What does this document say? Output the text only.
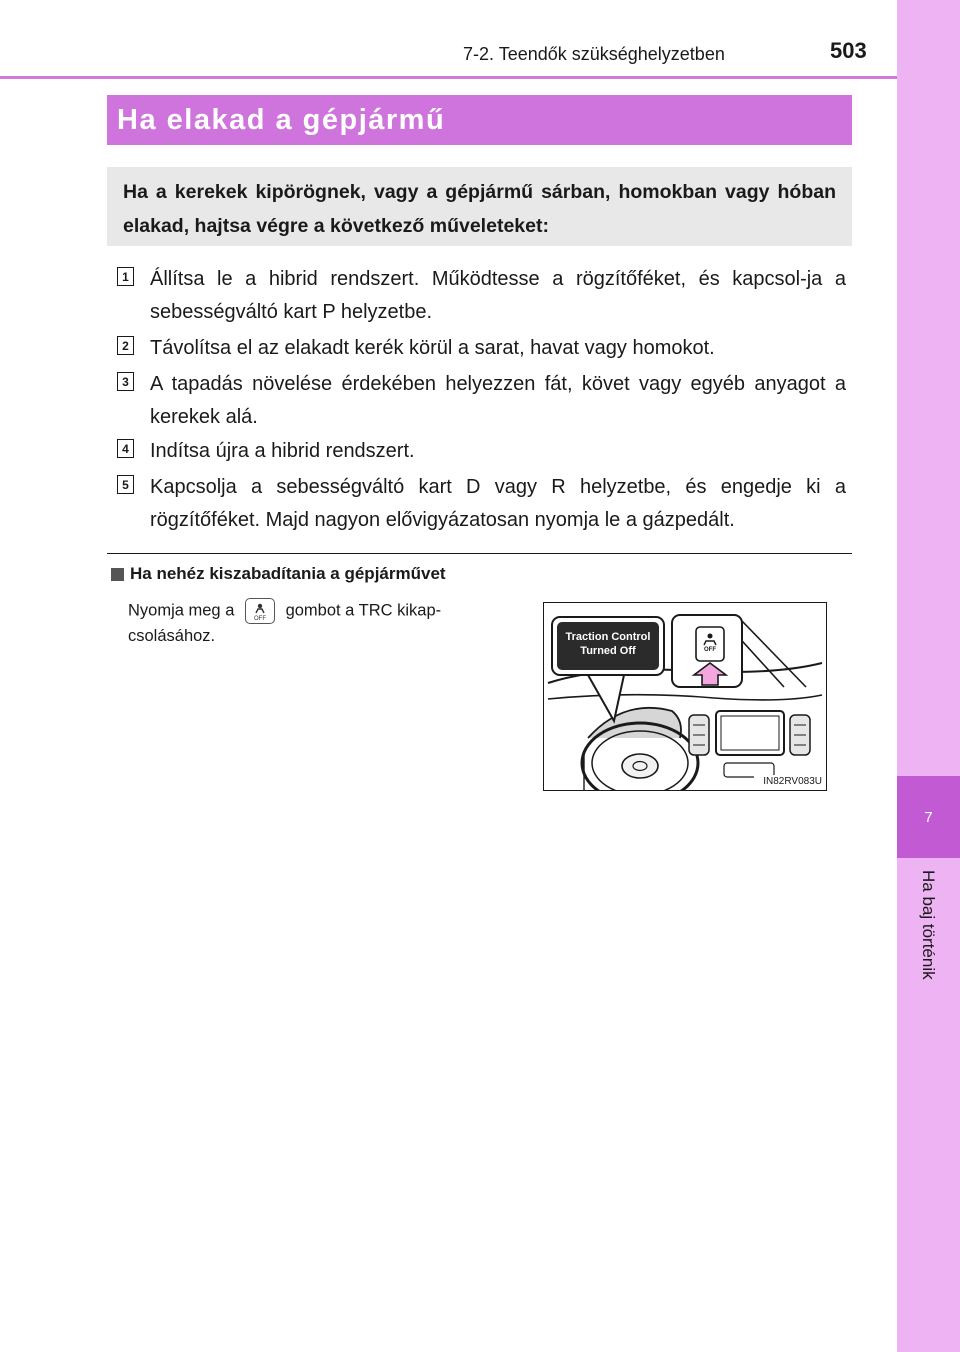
7
Ha baj történik
7-2. Teendők szükséghelyzetben	503
Ha elakad a gépjármű
Ha a kerekek kipörögnek, vagy a gépjármű sárban, homokban vagy hóban elakad, hajtsa végre a következő műveleteket:
1 Állítsa le a hibrid rendszert. Működtesse a rögzítőféket, és kapcsol-ja a sebességváltó kart P helyzetbe.
2 Távolítsa el az elakadt kerék körül a sarat, havat vagy homokot.
3 A tapadás növelése érdekében helyezzen fát, követ vagy egyéb anyagot a kerekek alá.
4 Indítsa újra a hibrid rendszert.
5 Kapcsolja a sebességváltó kart D vagy R helyzetbe, és engedje ki a rögzítőféket. Majd nagyon elővigyázatosan nyomja le a gázpedált.
Ha nehéz kiszabadítania a gépjárművet
Nyomja meg a	OFF gombot a TRC kikap-csolásához.	Traction Control
Turned Off	OFF
IN82RV083U
